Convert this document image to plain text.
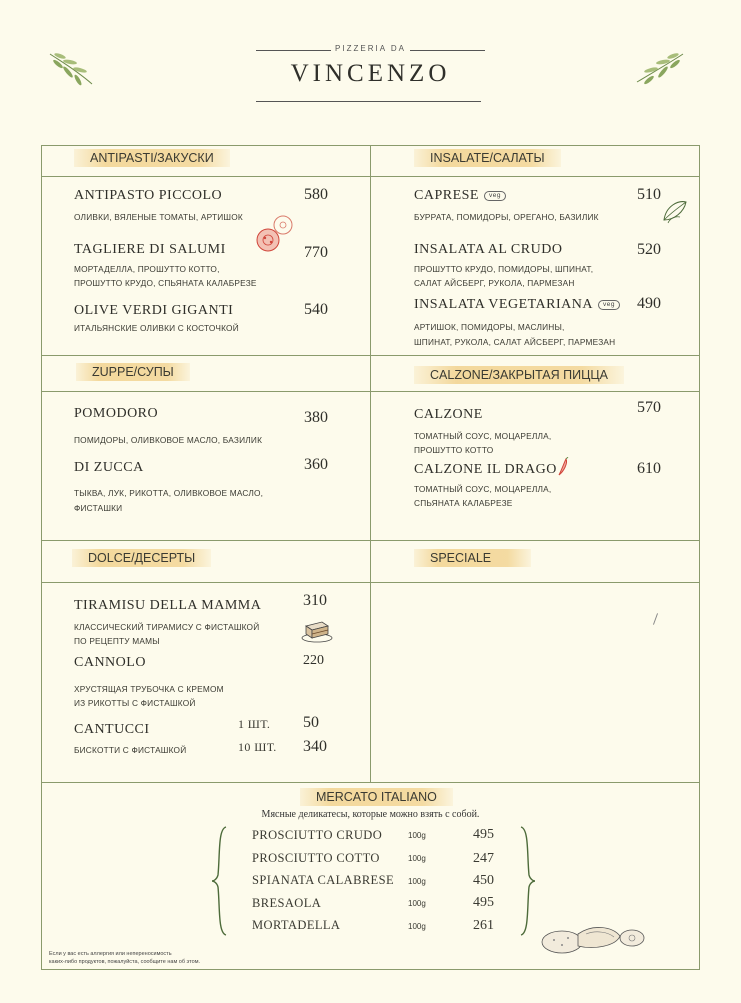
PIZZERIA DA
VINCENZO
ANTIPASTI/ЗАКУСКИ
ANTIPASTO PICCOLO	580
ОЛИВКИ, ВЯЛЕНЫЕ ТОМАТЫ, АРТИШОК
TAGLIERE DI SALUMI	770
МОРТАДЕЛЛА, ПРОШУТТО КОТТО,
ПРОШУТТО КРУДО, СПЬЯНАТА КАЛАБРЕЗЕ
OLIVE VERDI GIGANTI	540
ИТАЛЬЯНСКИЕ ОЛИВКИ С КОСТОЧКОЙ
INSALATE/САЛАТЫ
CAPRESE veg	510
БУРРАТА, ПОМИДОРЫ, ОРЕГАНО, БАЗИЛИК
INSALATA AL CRUDO	520
ПРОШУТТО КРУДО, ПОМИДОРЫ, ШПИНАТ,
САЛАТ АЙСБЕРГ, РУКОЛА, ПАРМЕЗАН
INSALATA VEGETARIANA veg	490
АРТИШОК, ПОМИДОРЫ, МАСЛИНЫ,
ШПИНАТ, РУКОЛА, САЛАТ АЙСБЕРГ, ПАРМЕЗАН
ZUPPE/СУПЫ
POMODORO	380
ПОМИДОРЫ, ОЛИВКОВОЕ МАСЛО, БАЗИЛИК
DI ZUCCA	360
ТЫКВА, ЛУК, РИКОТТА, ОЛИВКОВОЕ МАСЛО,
ФИСТАШКИ
CALZONE/ЗАКРЫТАЯ ПИЦЦА
CALZONE	570
ТОМАТНЫЙ СОУС, МОЦАРЕЛЛА,
ПРОШУТТО КОТТО
CALZONE IL DRAGO	610
ТОМАТНЫЙ СОУС, МОЦАРЕЛЛА,
СПЬЯНАТА КАЛАБРЕЗЕ
DOLCE/ДЕСЕРТЫ
TIRAMISU DELLA MAMMA	310
КЛАССИЧЕСКИЙ ТИРАМИСУ С ФИСТАШКОЙ
ПО РЕЦЕПТУ МАМЫ
CANNOLO	220
ХРУСТЯЩАЯ ТРУБОЧКА С КРЕМОМ
ИЗ РИКОТТЫ С ФИСТАШКОЙ
CANTUCCI
БИСКОТТИ С ФИСТАШКОЙ
1 ШТ. 50
10 ШТ. 340
SPECIALE
MERCATO ITALIANO
Мясные деликатесы, которые можно взять с собой.
PROSCIUTTO CRUDO	100g	495
PROSCIUTTO COTTO	100g	247
SPIANATA CALABRESE 100g	450
BRESAOLA	100g	495
MORTADELLA	100g	261
Если у вас есть аллергия или непереносимость
каких-либо продуктов, пожалуйста, сообщите нам об этом.
